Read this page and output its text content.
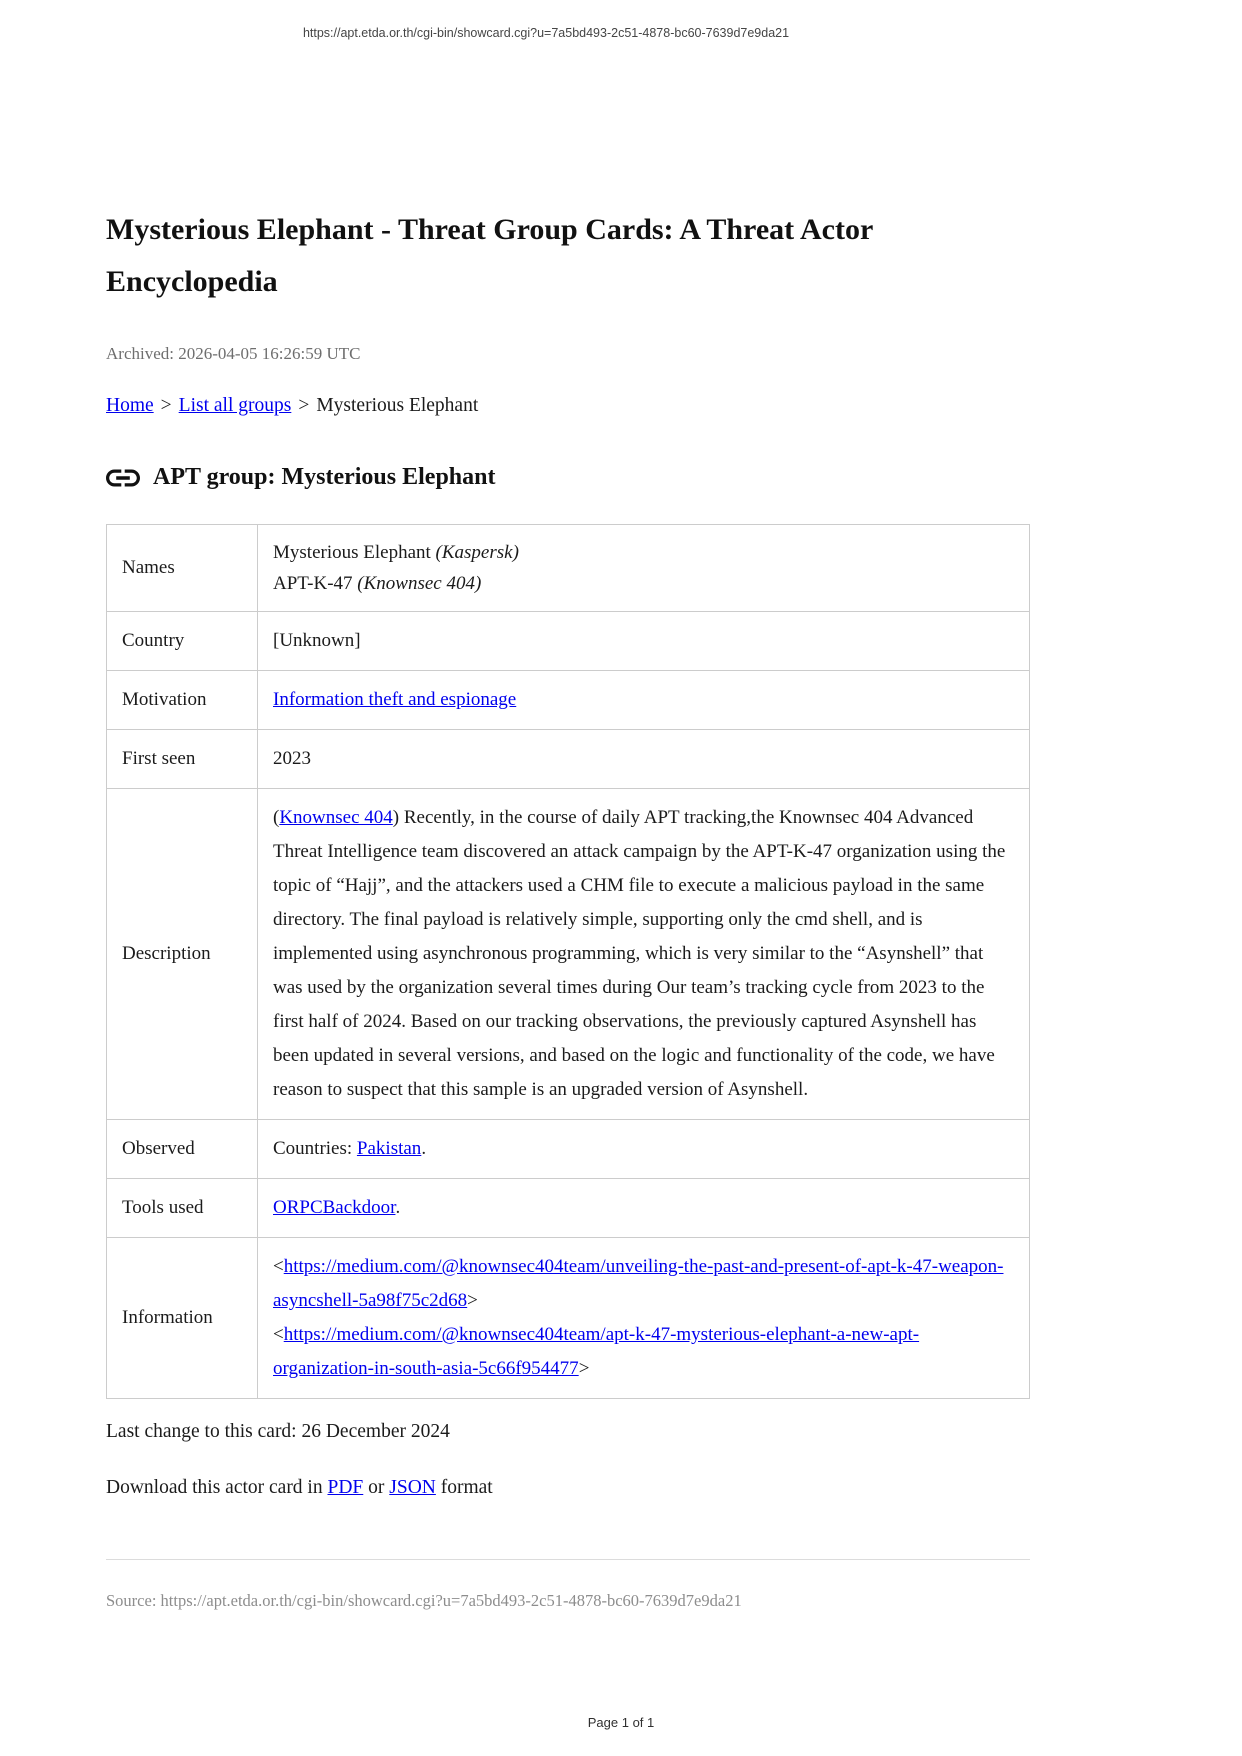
https://apt.etda.or.th/cgi-bin/showcard.cgi?u=7a5bd493-2c51-4878-bc60-7639d7e9da21
Mysterious Elephant - Threat Group Cards: A Threat Actor Encyclopedia

Archived: 2026-04-05 16:26:59 UTC

Home > List all groups > Mysterious Elephant
APT group: Mysterious Elephant
Names	Mysterious Elephant (Kaspersk)
APT-K-47 (Knownsec 404)

Country	[Unknown]
Motivation	Information theft and espionage
First seen	2023
Description	(Knownsec 404) Recently, in the course of daily APT tracking,the Knownsec 404 Advanced Threat Intelligence team discovered an attack campaign by the APT-K-47 organization using the topic of “Hajj”, and the attackers used a CHM file to execute a malicious payload in the same directory. The final payload is relatively simple, supporting only the cmd shell, and is implemented using asynchronous programming, which is very similar to the “Asynshell” that was used by the organization several times during Our team’s tracking cycle from 2023 to the first half of 2024. Based on our tracking observations, the previously captured Asynshell has been updated in several versions, and based on the logic and functionality of the code, we have reason to suspect that this sample is an upgraded version of Asynshell.
Observed	Countries: Pakistan.
Tools used	ORPCBackdoor.
Information	<https://medium.com/@knownsec404team/unveiling-the-past-and-present-of-apt-k-47-weapon-asyncshell-5a98f75c2d68>
<https://medium.com/@knownsec404team/apt-k-47-mysterious-elephant-a-new-apt-organization-in-south-asia-5c66f954477>

Last change to this card: 26 December 2024

Download this actor card in PDF or JSON format

Source: https://apt.etda.or.th/cgi-bin/showcard.cgi?u=7a5bd493-2c51-4878-bc60-7639d7e9da21

Page 1 of 1
